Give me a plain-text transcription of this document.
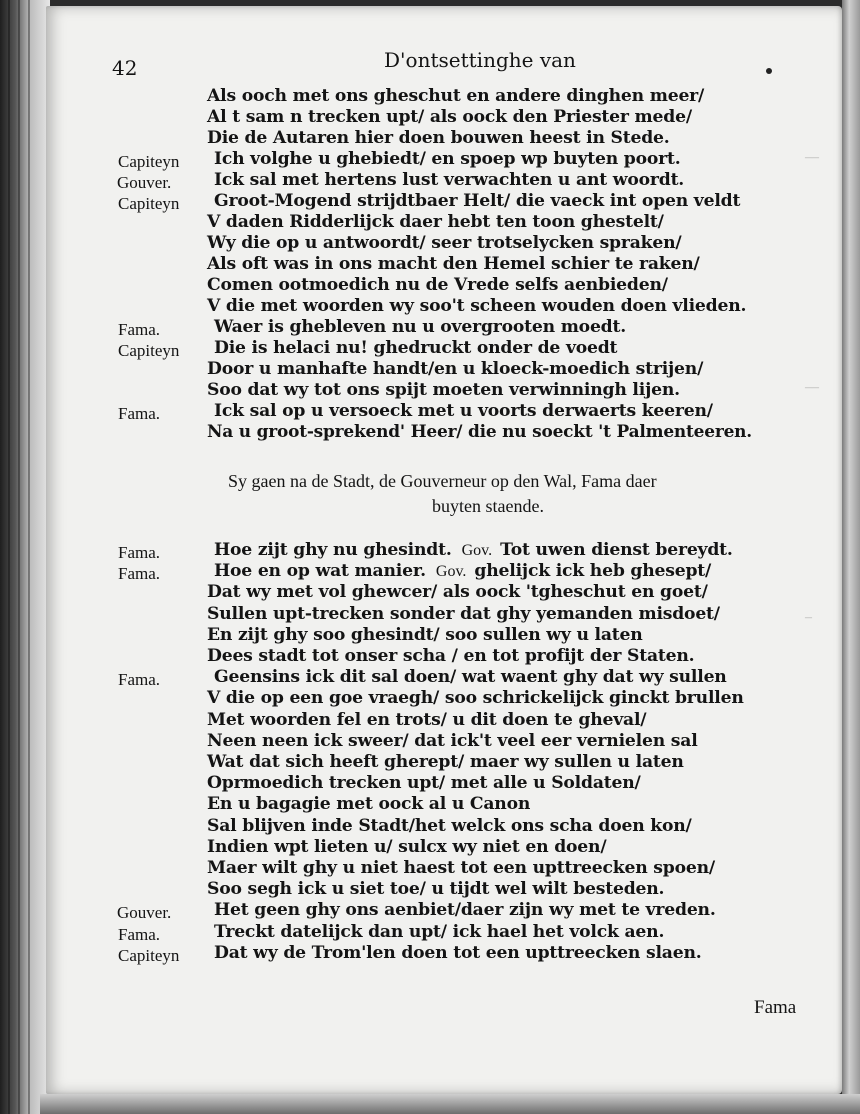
‒‒
‒‒
‒
42	D'ontsettinghe van
Als ooch met ons gheschut en andere dinghen meer/
Al t sam n trecken upt/ als oock den Priester mede/
Die de Autaren hier doen bouwen heest in Stede.
Capiteyn Ich volghe u ghebiedt/ en spoep wp buyten poort.
Gouver. Ick sal met hertens lust verwachten u ant woordt.
Capiteyn Groot-Mogend strijdtbaer Helt/ die vaeck int open veldt
V daden Ridderlijck daer hebt ten toon ghestelt/
Wy die op u antwoordt/ seer trotselycken spraken/
Als oft was in ons macht den Hemel schier te raken/
Comen ootmoedich nu de Vrede selfs aenbieden/
V die met woorden wy soo't scheen wouden doen vlieden.
Fama.	Waer is ghebleven nu u overgrooten moedt.
Capiteyn Die is helaci nu! ghedruckt onder de voedt
Door u manhafte handt/en u kloeck-moedich strijen/
Soo dat wy tot ons spijt moeten verwinningh lijen.
Fama.	Ick sal op u versoeck met u voorts derwaerts keeren/
Na u groot-sprekend' Heer/ die nu soeckt 't Palmenteeren.
Sy gaen na de Stadt, de Gouverneur op den Wal, Fama daer
buyten staende.
Fama.	Hoe zijt ghy nu ghesindt. Gov. Tot uwen dienst bereydt.
Fama.	Hoe en op wat manier. Gov. ghelijck ick heb ghesept/
Dat wy met vol ghewcer/ als oock 'tgheschut en goet/
Sullen upt-trecken sonder dat ghy yemanden misdoet/
En zijt ghy soo ghesindt/ soo sullen wy u laten
Dees stadt tot onser scha / en tot profijt der Staten.
Fama.	Geensins ick dit sal doen/ wat waent ghy dat wy sullen
V die op een goe vraegh/ soo schrickelijck ginckt brullen
Met woorden fel en trots/ u dit doen te gheval/
Neen neen ick sweer/ dat ick't veel eer vernielen sal
Wat dat sich heeft gherept/ maer wy sullen u laten
Oprmoedich trecken upt/ met alle u Soldaten/
En u bagagie met oock al u Canon
Sal blijven inde Stadt/het welck ons scha doen kon/
Indien wpt lieten u/ sulcx wy niet en doen/
Maer wilt ghy u niet haest tot een upttreecken spoen/
Soo segh ick u siet toe/ u tijdt wel wilt besteden.
Gouver. Het geen ghy ons aenbiet/daer zijn wy met te vreden.
Fama.	Treckt datelijck dan upt/ ick hael het volck aen.
Capiteyn Dat wy de Trom'len doen tot een upttreecken slaen.
Fama
